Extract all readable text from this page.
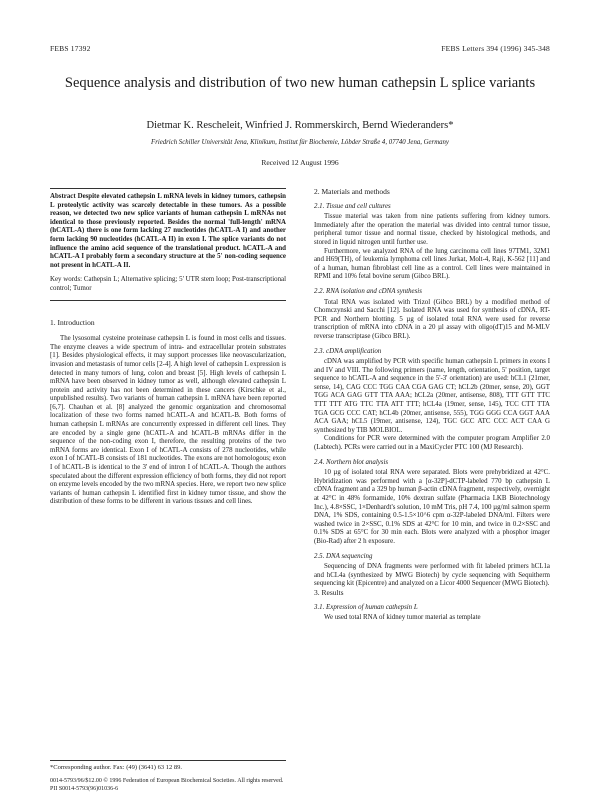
FEBS 17392	FEBS Letters 394 (1996) 345-348
Sequence analysis and distribution of two new human cathepsin L splice variants
Dietmar K. Rescheleit, Winfried J. Rommerskirch, Bernd Wiederanders*
Friedrich Schiller Universität Jena, Klinikum, Institut für Biochemie, Löbder Straße 4, 07740 Jena, Germany
Received 12 August 1996
Abstract Despite elevated cathepsin L mRNA levels in kidney tumors, cathepsin L proteolytic activity was scarcely detectable in these tumors. As a possible reason, we detected two new splice variants of human cathepsin L mRNAs not identical to those previously reported. Besides the normal 'full-length' mRNA (hCATL-A) there is one form lacking 27 nucleotides (hCATL-A I) and another form lacking 90 nucleotides (hCATL-A II) in exon I. The splice variants do not influence the amino acid sequence of the translational product. hCATL-A and hCATL-A I probably form a secondary structure at the 5' non-coding sequence not present in hCATL-A II.
Key words: Cathepsin L; Alternative splicing; 5' UTR stem loop; Post-transcriptional control; Tumor
1. Introduction

The lysosomal cysteine proteinase cathepsin L is found in most cells and tissues. The enzyme cleaves a wide spectrum of intra- and extracellular protein substrates [1]. Besides physiological effects, it may support processes like neovascularization, invasion and metastasis of tumor cells [2-4]. A high level of cathepsin L expression is detected in many tumors of lung, colon and breast [5]. High levels of cathepsin L mRNA have been observed in kidney tumor as well, although elevated cathepsin L protein and activity has not been determined in these cancers (Kirschke et al., unpublished results). Two variants of human cathepsin L mRNA have been reported [6,7]. Chauhan et al. [8] analyzed the genomic organization and chromosomal localization of these two forms named hCATL-A and hCATL-B. Both forms of human cathepsin L mRNAs are concurrently expressed in different cell lines. They are encoded by a single gene (hCATL-A and hCATL-B mRNAs differ in the sequence of the non-coding exon I, therefore, the resulting proteins of the two mRNA forms are identical. Exon I of hCATL-A consists of 278 nucleotides, while exon I of hCATL-B consists of 181 nucleotides. The exons are not homologous; exon I of hCATL-B is identical to the 3' end of intron I of hCATL-A. Though the authors speculated about the different expression efficiency of both forms, they did not report on enzyme levels encoded by the two mRNA species. Here, we report two new splice variants of human cathepsin L identified first in kidney tumor tissue, and show the distribution of these forms to be different in various tissues and cell lines.

2. Materials and methods
2.1. Tissue and cell cultures

Tissue material was taken from nine patients suffering from kidney tumors. Immediately after the operation the material was divided into central tumor tissue, peripheral tumor tissue and normal tissue, checked by histological methods, and stored in liquid nitrogen until further use.

Furthermore, we analyzed RNA of the lung carcinoma cell lines 97TM1, 32M1 and H69(TH), of leukemia lymphoma cell lines Jurkat, Molt-4, Raji, K-562 [11] and of a human, human fibroblast cell line as a control. Cell lines were maintained in RPMI and 10% fetal bovine serum (Gibco BRL).

2.2. RNA isolation and cDNA synthesis

Total RNA was isolated with Trizol (Gibco BRL) by a modified method of Chomczynski and Sacchi [12]. Isolated RNA was used for synthesis of cDNA, RT-PCR and Northern blotting. 5 µg of isolated total RNA were used for reverse transcription of mRNA into cDNA in a 20 µl assay with oligo(dT)15 and M-MLV reverse transcriptase (Gibco BRL).

2.3. cDNA amplification

cDNA was amplified by PCR with specific human cathepsin L primers in exons I and IV and VIII. The following primers (name, length, orientation, 5' position, target sequence to hCATL-A and sequence in the 5'-3' orientation) are used: hCL1 (21mer, sense, 14), CAG CCC TGG CAA CGA GAG CT; hCL2b (20mer, sense, 20), GGT TGG ACA GAG GTT TTA AAA; hCL2a (20mer, antisense, 808), TTT GTT TTC TTT TTT ATG TTC TTA ATT TTT; hCL4a (19mer, sense, 145), TCC CTT TTA TGA GCG CCC CAT; hCL4b (20mer, antisense, 555), TGG GGG CCA GGT AAA ACA GAA; hCL5 (19mer, antisense, 124), TGC GCC ATC CCC ACT CAA G synthesized by TIB MOLBIOL.

Conditions for PCR were determined with the computer program Amplifier 2.0 (Labtech). PCRs were carried out in a MaxiCycler PTC 100 (MJ Research).

2.4. Northern blot analysis

10 µg of isolated total RNA were separated. Blots were prehybridized at 42°C. Hybridization was performed with a [α-32P]-dCTP-labeled 770 bp cathepsin L cDNA fragment and a 329 bp human β-actin cDNA fragment, respectively, overnight at 42°C in 48% formamide, 10% dextran sulfate (Pharmacia LKB Biotechnology Inc.), 4.8×SSC, 1×Denhardt's solution, 10 mM Tris, pH 7.4, 100 µg/ml salmon sperm DNA, 1% SDS, containing 0.5-1.5×10^6 cpm α-32P-labeled DNA/ml. Filters were washed twice in 2×SSC, 0.1% SDS at 42°C for 10 min, and twice in 0.2×SSC and 0.1% SDS at 65°C for 30 min each. Blots were analyzed with a phosphor imager (Bio-Rad) after 2 h exposure.

2.5. DNA sequencing

Sequencing of DNA fragments were performed with fit labeled primers hCL1a and hCL4a (synthesized by MWG Biotech) by cycle sequencing with Sequitherm sequencing kit (Epicentre) and analyzed on a Licor 4000 Sequencer (MWG Biotech).

3. Results
3.1. Expression of human cathepsin L

We used total RNA of kidney tumor material as template

*Corresponding author. Fax: (49) (3641) 63 12 89.
0014-5793/96/$12.00 © 1996 Federation of European Biochemical Societies. All rights reserved.
PII S0014-5793(96)01036-6
